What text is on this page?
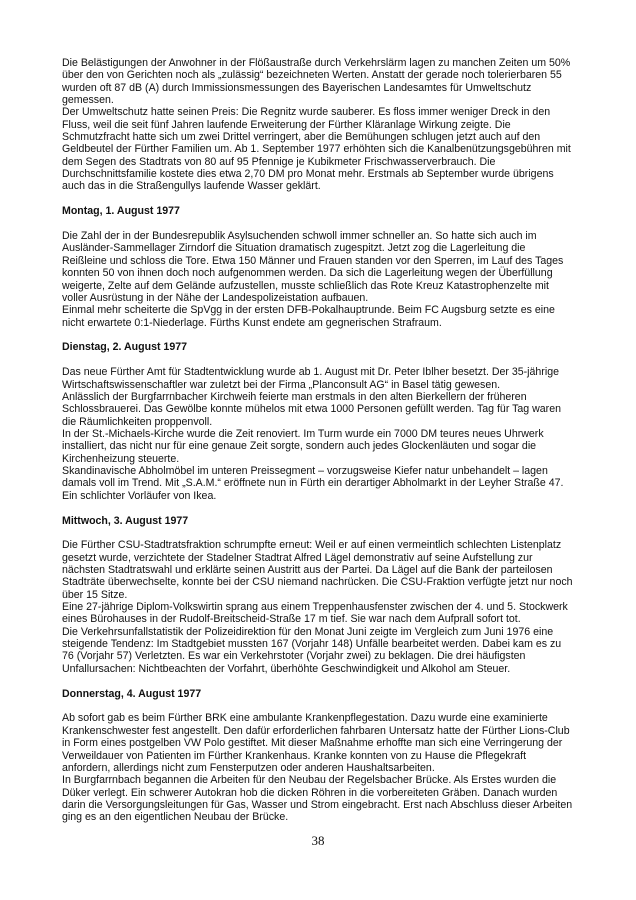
Die Belästigungen der Anwohner in der Flößaustraße durch Verkehrslärm lagen zu manchen Zeiten um 50%
über den von Gerichten noch als „zulässig“ bezeichneten Werten. Anstatt der gerade noch tolerierbaren 55
wurden oft 87 dB (A) durch Immissionsmessungen des Bayerischen Landesamtes für Umweltschutz
gemessen.

Der Umweltschutz hatte seinen Preis: Die Regnitz wurde sauberer. Es floss immer weniger Dreck in den
Fluss, weil die seit fünf Jahren laufende Erweiterung der Fürther Kläranlage Wirkung zeigte. Die
Schmutzfracht hatte sich um zwei Drittel verringert, aber die Bemühungen schlugen jetzt auch auf den
Geldbeutel der Fürther Familien um. Ab 1. September 1977 erhöhten sich die Kanalbenützungsgebühren mit
dem Segen des Stadtrats von 80 auf 95 Pfennige je Kubikmeter Frischwasserverbrauch. Die
Durchschnittsfamilie kostete dies etwa 2,70 DM pro Monat mehr. Erstmals ab September wurde übrigens
auch das in die Straßengullys laufende Wasser geklärt.

Montag, 1. August 1977

Die Zahl der in der Bundesrepublik Asylsuchenden schwoll immer schneller an. So hatte sich auch im
Ausländer-Sammellager Zirndorf die Situation dramatisch zugespitzt. Jetzt zog die Lagerleitung die
Reißleine und schloss die Tore. Etwa 150 Männer und Frauen standen vor den Sperren, im Lauf des Tages
konnten 50 von ihnen doch noch aufgenommen werden. Da sich die Lagerleitung wegen der Überfüllung
weigerte, Zelte auf dem Gelände aufzustellen, musste schließlich das Rote Kreuz Katastrophenzelte mit
voller Ausrüstung in der Nähe der Landespolizeistation aufbauen.

Einmal mehr scheiterte die SpVgg in der ersten DFB-Pokalhauptrunde. Beim FC Augsburg setzte es eine
nicht erwartete 0:1-Niederlage. Fürths Kunst endete am gegnerischen Strafraum.

Dienstag, 2. August 1977

Das neue Fürther Amt für Stadtentwicklung wurde ab 1. August mit Dr. Peter Iblher besetzt. Der 35-jährige
Wirtschaftswissenschaftler war zuletzt bei der Firma „Planconsult AG“ in Basel tätig gewesen.

Anlässlich der Burgfarrnbacher Kirchweih feierte man erstmals in den alten Bierkellern der früheren
Schlossbrauerei. Das Gewölbe konnte mühelos mit etwa 1000 Personen gefüllt werden. Tag für Tag waren
die Räumlichkeiten proppenvoll.

In der St.-Michaels-Kirche wurde die Zeit renoviert. Im Turm wurde ein 7000 DM teures neues Uhrwerk
installiert, das nicht nur für eine genaue Zeit sorgte, sondern auch jedes Glockenläuten und sogar die
Kirchenheizung steuerte.

Skandinavische Abholmöbel im unteren Preissegment – vorzugsweise Kiefer natur unbehandelt – lagen
damals voll im Trend. Mit „S.A.M.“ eröffnete nun in Fürth ein derartiger Abholmarkt in der Leyher Straße 47.
Ein schlichter Vorläufer von Ikea.

Mittwoch, 3. August 1977

Die Fürther CSU-Stadtratsfraktion schrumpfte erneut: Weil er auf einen vermeintlich schlechten Listenplatz
gesetzt wurde, verzichtete der Stadelner Stadtrat Alfred Lägel demonstrativ auf seine Aufstellung zur
nächsten Stadtratswahl und erklärte seinen Austritt aus der Partei. Da Lägel auf die Bank der parteilosen
Stadträte überwechselte, konnte bei der CSU niemand nachrücken. Die CSU-Fraktion verfügte jetzt nur noch
über 15 Sitze.

Eine 27-jährige Diplom-Volkswirtin sprang aus einem Treppenhausfenster zwischen der 4. und 5. Stockwerk
eines Bürohauses in der Rudolf-Breitscheid-Straße 17 m tief. Sie war nach dem Aufprall sofort tot.

Die Verkehrsunfallstatistik der Polizeidirektion für den Monat Juni zeigte im Vergleich zum Juni 1976 eine
steigende Tendenz: Im Stadtgebiet mussten 167 (Vorjahr 148) Unfälle bearbeitet werden. Dabei kam es zu
76 (Vorjahr 57) Verletzten. Es war ein Verkehrstoter (Vorjahr zwei) zu beklagen. Die drei häufigsten
Unfallursachen: Nichtbeachten der Vorfahrt, überhöhte Geschwindigkeit und Alkohol am Steuer.

Donnerstag, 4. August 1977

Ab sofort gab es beim Fürther BRK eine ambulante Krankenpflegestation. Dazu wurde eine examinierte
Krankenschwester fest angestellt. Den dafür erforderlichen fahrbaren Untersatz hatte der Fürther Lions-Club
in Form eines postgelben VW Polo gestiftet. Mit dieser Maßnahme erhoffte man sich eine Verringerung der
Verweildauer von Patienten im Fürther Krankenhaus. Kranke konnten von zu Hause die Pflegekraft
anfordern, allerdings nicht zum Fensterputzen oder anderen Haushaltsarbeiten.

In Burgfarrnbach begannen die Arbeiten für den Neubau der Regelsbacher Brücke. Als Erstes wurden die
Düker verlegt. Ein schwerer Autokran hob die dicken Röhren in die vorbereiteten Gräben. Danach wurden
darin die Versorgungsleitungen für Gas, Wasser und Strom eingebracht. Erst nach Abschluss dieser Arbeiten
ging es an den eigentlichen Neubau der Brücke.

38
